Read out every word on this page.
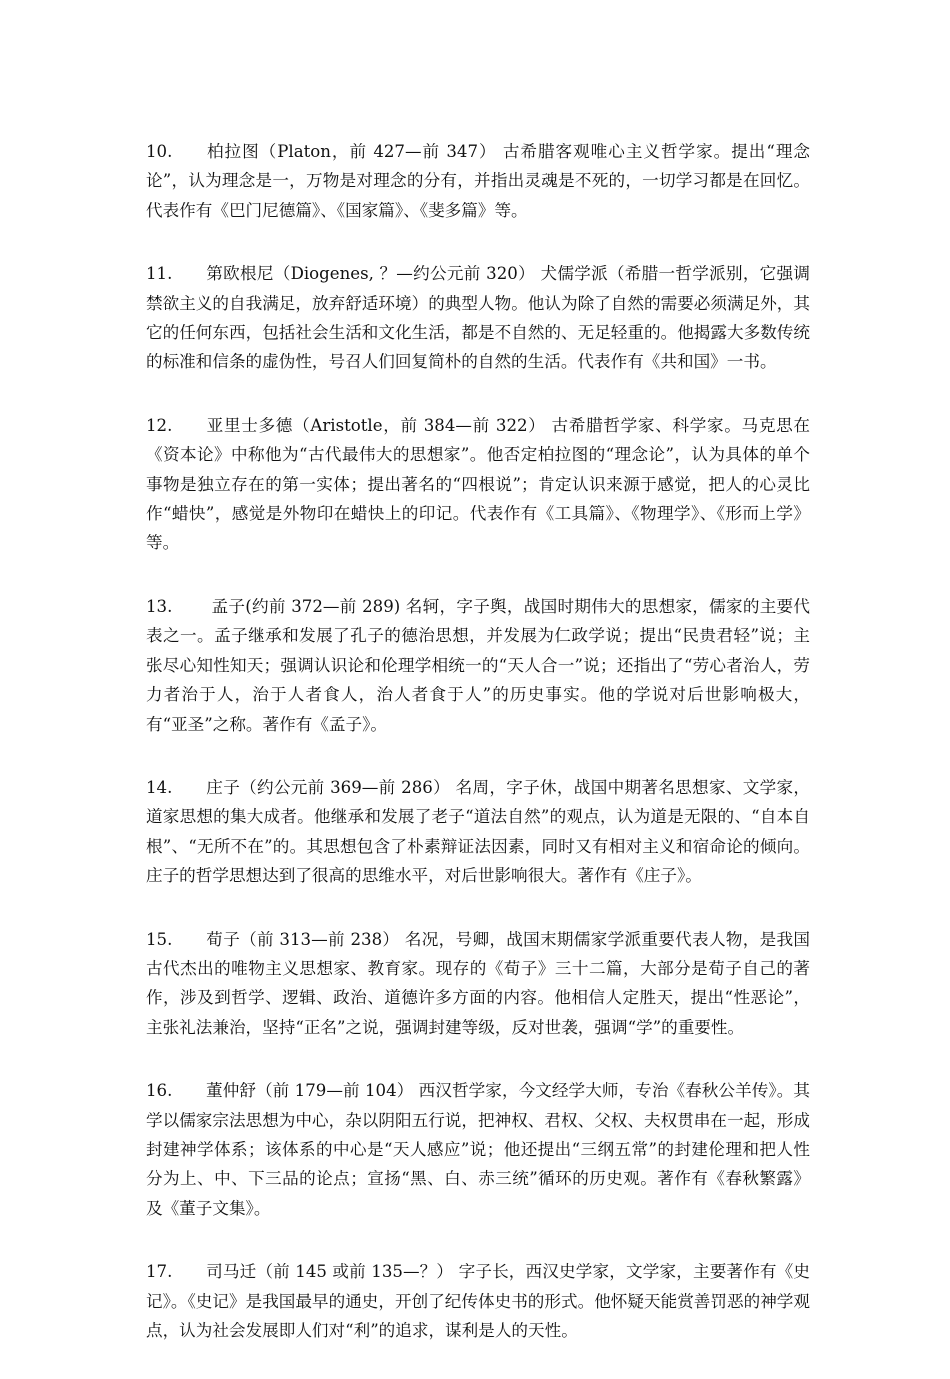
10. 柏拉图（Platon，前 427—前 347） 古希腊客观唯心主义哲学家。提出“理念论”，认为理念是一，万物是对理念的分有，并指出灵魂是不死的，一切学习都是在回忆。代表作有《巴门尼德篇》、《国家篇》、《斐多篇》等。

11. 第欧根尼（Diogenes, ？—约公元前 320） 犬儒学派（希腊一哲学派别，它强调禁欲主义的自我满足，放弃舒适环境）的典型人物。他认为除了自然的需要必须满足外，其它的任何东西，包括社会生活和文化生活，都是不自然的、无足轻重的。他揭露大多数传统的标准和信条的虚伪性，号召人们回复简朴的自然的生活。代表作有《共和国》一书。

12. 亚里士多德（Aristotle，前 384—前 322） 古希腊哲学家、科学家。马克思在《资本论》中称他为“古代最伟大的思想家”。他否定柏拉图的“理念论”，认为具体的单个事物是独立存在的第一实体；提出著名的“四根说”；肯定认识来源于感觉，把人的心灵比作“蜡快”，感觉是外物印在蜡快上的印记。代表作有《工具篇》、《物理学》、《形而上学》等。

13. 孟子(约前 372—前 289) 名轲，字子舆，战国时期伟大的思想家，儒家的主要代表之一。孟子继承和发展了孔子的德治思想，并发展为仁政学说；提出“民贵君轻”说；主张尽心知性知天；强调认识论和伦理学相统一的“天人合一”说；还指出了“劳心者治人，劳力者治于人，治于人者食人，治人者食于人”的历史事实。他的学说对后世影响极大，有“亚圣”之称。著作有《孟子》。

14. 庄子（约公元前 369—前 286） 名周，字子休，战国中期著名思想家、文学家，道家思想的集大成者。他继承和发展了老子“道法自然”的观点，认为道是无限的、“自本自根”、“无所不在”的。其思想包含了朴素辩证法因素，同时又有相对主义和宿命论的倾向。庄子的哲学思想达到了很高的思维水平，对后世影响很大。著作有《庄子》。

15. 荀子（前 313—前 238） 名况，号卿，战国末期儒家学派重要代表人物，是我国古代杰出的唯物主义思想家、教育家。现存的《荀子》三十二篇，大部分是荀子自己的著作，涉及到哲学、逻辑、政治、道德许多方面的内容。他相信人定胜天，提出“性恶论”，主张礼法兼治，坚持“正名”之说，强调封建等级，反对世袭，强调“学”的重要性。

16. 董仲舒（前 179—前 104） 西汉哲学家，今文经学大师，专治《春秋公羊传》。其学以儒家宗法思想为中心，杂以阴阳五行说，把神权、君权、父权、夫权贯串在一起，形成封建神学体系；该体系的中心是“天人感应”说；他还提出“三纲五常”的封建伦理和把人性分为上、中、下三品的论点；宣扬“黑、白、赤三统”循环的历史观。著作有《春秋繁露》及《董子文集》。

17. 司马迁（前 145 或前 135—？） 字子长，西汉史学家，文学家，主要著作有《史记》。《史记》是我国最早的通史，开创了纪传体史书的形式。他怀疑天能赏善罚恶的神学观点，认为社会发展即人们对“利”的追求，谋利是人的天性。
